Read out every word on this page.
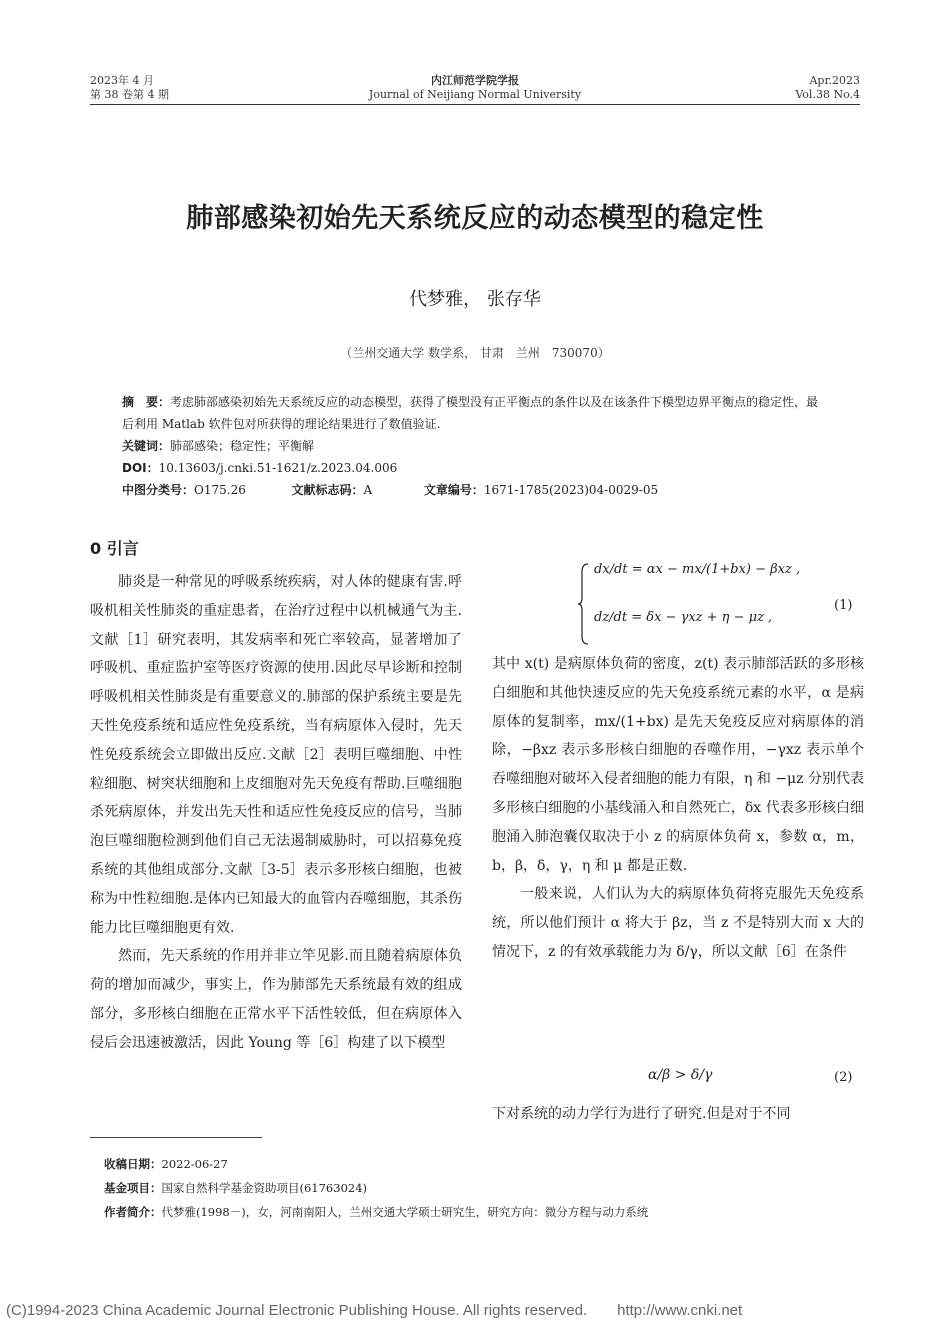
2023年 4 月
第 38 卷第 4 期
内江师范学院学报
Journal of Neijiang Normal University
Apr.2023
Vol.38 No.4
肺部感染初始先天系统反应的动态模型的稳定性
代梦雅， 张存华
（兰州交通大学 数学系， 甘肃　兰州　730070）

摘　要：考虑肺部感染初始先天系统反应的动态模型，获得了模型没有正平衡点的条件以及在该条件下模型边界平衡点的稳定性，最后利用 Matlab 软件包对所获得的理论结果进行了数值验证.

关键词：肺部感染；稳定性；平衡解

DOI：10.13603/j.cnki.51-1621/z.2023.04.006

中图分类号：O175.26	文献标志码：A	文章编号：1671-1785(2023)04-0029-05

0 引言

肺炎是一种常见的呼吸系统疾病，对人体的健康有害.呼吸机相关性肺炎的重症患者，在治疗过程中以机械通气为主.文献［1］研究表明，其发病率和死亡率较高，显著增加了呼吸机、重症监护室等医疗资源的使用.因此尽早诊断和控制呼吸机相关性肺炎是有重要意义的.肺部的保护系统主要是先天性免疫系统和适应性免疫系统，当有病原体入侵时，先天性免疫系统会立即做出反应.文献［2］表明巨噬细胞、中性粒细胞、树突状细胞和上皮细胞对先天免疫有帮助.巨噬细胞杀死病原体，并发出先天性和适应性免疫反应的信号，当肺泡巨噬细胞检测到他们自己无法遏制威胁时，可以招募免疫系统的其他组成部分.文献［3-5］表示多形核白细胞，也被称为中性粒细胞.是体内已知最大的血管内吞噬细胞，其杀伤能力比巨噬细胞更有效.

然而，先天系统的作用并非立竿见影.而且随着病原体负荷的增加而减少，事实上，作为肺部先天系统最有效的组成部分，多形核白细胞在正常水平下活性较低，但在病原体入侵后会迅速被激活，因此 Young 等［6］构建了以下模型

dx/dt = αx − mx/(1+bx) − βxz ,
dz/dt = δx − γxz + η − μz ,
(1)

其中 x(t) 是病原体负荷的密度，z(t) 表示肺部活跃的多形核白细胞和其他快速反应的先天免疫系统元素的水平，α 是病原体的复制率，mx/(1+bx) 是先天免疫反应对病原体的消除，−βxz 表示多形核白细胞的吞噬作用，−γxz 表示单个吞噬细胞对破坏入侵者细胞的能力有限，η 和 −μz 分别代表多形核白细胞的小基线涌入和自然死亡，δx 代表多形核白细胞涌入肺泡囊仅取决于小 z 的病原体负荷 x，参数 α，m，b，β，δ，γ，η 和 μ 都是正数.

一般来说，人们认为大的病原体负荷将克服先天免疫系统，所以他们预计 α 将大于 βz，当 z 不是特别大而 x 大的情况下，z 的有效承载能力为 δ/γ，所以文献［6］在条件

α/β > δ/γ	(2)

下对系统的动力学行为进行了研究.但是对于不同

收稿日期：2022-06-27
基金项目：国家自然科学基金资助项目(61763024)
作者简介：代梦雅(1998－)，女，河南南阳人，兰州交通大学硕士研究生，研究方向：微分方程与动力系统
(C)1994-2023 China Academic Journal Electronic Publishing House. All rights reserved.　　http://www.cnki.net
